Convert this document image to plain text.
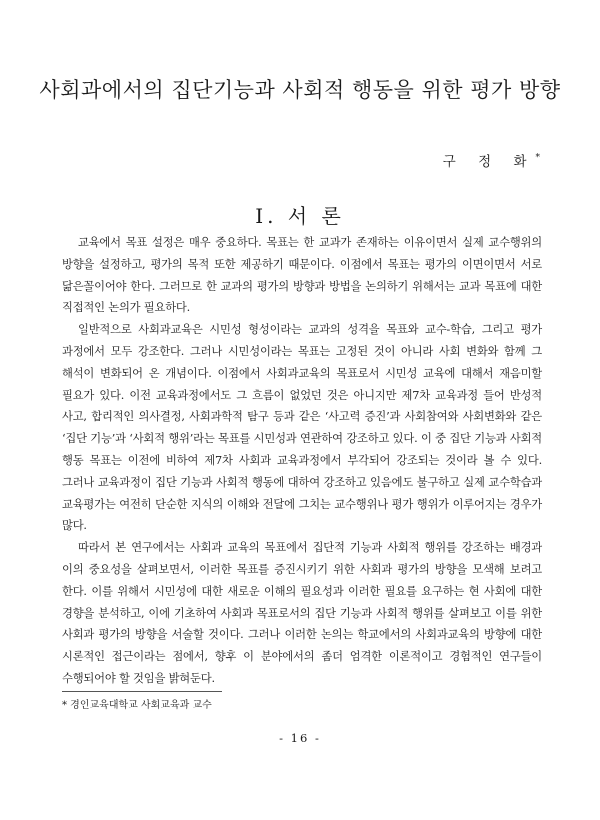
사회과에서의 집단기능과 사회적 행동을 위한 평가 방향
구 정 화*
Ⅰ. 서 론

교육에서 목표 설정은 매우 중요하다. 목표는 한 교과가 존재하는 이유이면서 실제 교수행위의 방향을 설정하고, 평가의 목적 또한 제공하기 때문이다. 이점에서 목표는 평가의 이면이면서 서로 닮은꼴이어야 한다. 그러므로 한 교과의 평가의 방향과 방법을 논의하기 위해서는 교과 목표에 대한 직접적인 논의가 필요하다.

일반적으로 사회과교육은 시민성 형성이라는 교과의 성격을 목표와 교수-학습, 그리고 평가 과정에서 모두 강조한다. 그러나 시민성이라는 목표는 고정된 것이 아니라 사회 변화와 함께 그 해석이 변화되어 온 개념이다. 이점에서 사회과교육의 목표로서 시민성 교육에 대해서 재음미할 필요가 있다. 이전 교육과정에서도 그 흐름이 없었던 것은 아니지만 제7차 교육과정 들어 반성적 사고, 합리적인 의사결정, 사회과학적 탐구 등과 같은 ‘사고력 증진’과 사회참여와 사회변화와 같은 ‘집단 기능’과 ‘사회적 행위’라는 목표를 시민성과 연관하여 강조하고 있다. 이 중 집단 기능과 사회적 행동 목표는 이전에 비하여 제7차 사회과 교육과정에서 부각되어 강조되는 것이라 볼 수 있다. 그러나 교육과정이 집단 기능과 사회적 행동에 대하여 강조하고 있음에도 불구하고 실제 교수학습과 교육평가는 여전히 단순한 지식의 이해와 전달에 그치는 교수행위나 평가 행위가 이루어지는 경우가 많다.

따라서 본 연구에서는 사회과 교육의 목표에서 집단적 기능과 사회적 행위를 강조하는 배경과 이의 중요성을 살펴보면서, 이러한 목표를 증진시키기 위한 사회과 평가의 방향을 모색해 보려고 한다. 이를 위해서 시민성에 대한 새로운 이해의 필요성과 이러한 필요를 요구하는 현 사회에 대한 경향을 분석하고, 이에 기초하여 사회과 목표로서의 집단 기능과 사회적 행위를 살펴보고 이를 위한 사회과 평가의 방향을 서술할 것이다. 그러나 이러한 논의는 학교에서의 사회과교육의 방향에 대한 시론적인 접근이라는 점에서, 향후 이 분야에서의 좀더 엄격한 이론적이고 경험적인 연구들이 수행되어야 할 것임을 밝혀둔다.

* 경인교육대학교 사회교육과 교수
- 16 -
